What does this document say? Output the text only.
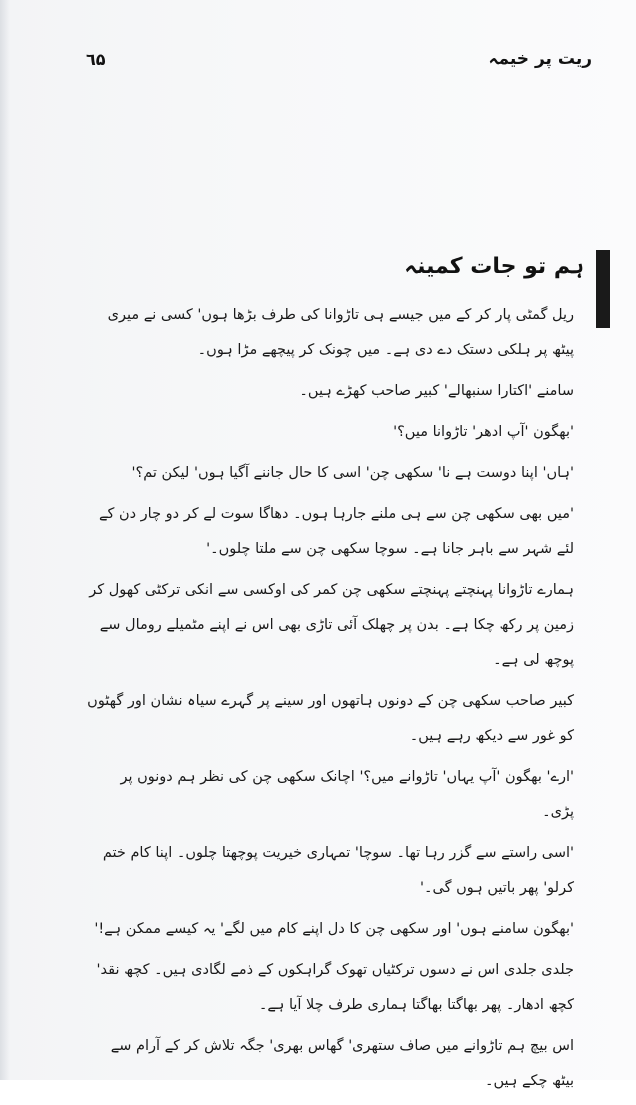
٦۵	ریت پر خیمہ
ہم تو جات کمینہ

ریل گمٹی پار کر کے میں جیسے ہی تاڑوانا کی طرف بڑھا ہوں' کسی نے میری پیٹھ پر ہلکی دستک دے دی ہے۔ میں چونک کر پیچھے مڑا ہوں۔

سامنے 'اکتارا سنبھالے' کبیر صاحب کھڑے ہیں۔

'بھگون 'آپ ادھر' تاڑوانا میں؟'

'ہاں' اپنا دوست ہے نا' سکھی چن' اسی کا حال جاننے آگیا ہوں' لیکن تم؟'

'میں بھی سکھی چن سے ہی ملنے جارہا ہوں۔ دھاگا سوت لے کر دو چار دن کے لئے شہر سے باہر جانا ہے۔ سوچا سکھی چن سے ملتا چلوں۔'

ہمارے تاڑوانا پہنچتے پہنچتے سکھی چن کمر کی اوکسی سے انکی ترکٹی کھول کر زمین پر رکھ چکا ہے۔ بدن پر چھلک آئی تاڑی بھی اس نے اپنے مٹمیلے رومال سے پوچھ لی ہے۔

کبیر صاحب سکھی چن کے دونوں ہاتھوں اور سینے پر گہرے سیاہ نشان اور گھٹوں کو غور سے دیکھ رہے ہیں۔

'ارے' بھگون 'آپ یہاں' تاڑوانے میں؟' اچانک سکھی چن کی نظر ہم دونوں پر پڑی۔

'اسی راستے سے گزر رہا تھا۔ سوچا' تمہاری خیریت پوچھتا چلوں۔ اپنا کام ختم کرلو' پھر باتیں ہوں گی۔'

'بھگون سامنے ہوں' اور سکھی چن کا دل اپنے کام میں لگے' یہ کیسے ممکن ہے!'

جلدی جلدی اس نے دسوں ترکٹیاں تھوک گراہکوں کے ذمے لگادی ہیں۔ کچھ نقد' کچھ ادھار۔ پھر بھاگتا بھاگتا ہماری طرف چلا آیا ہے۔

اس بیچ ہم تاڑوانے میں صاف ستھری' گھاس بھری' جگہ تلاش کر کے آرام سے بیٹھ چکے ہیں۔
